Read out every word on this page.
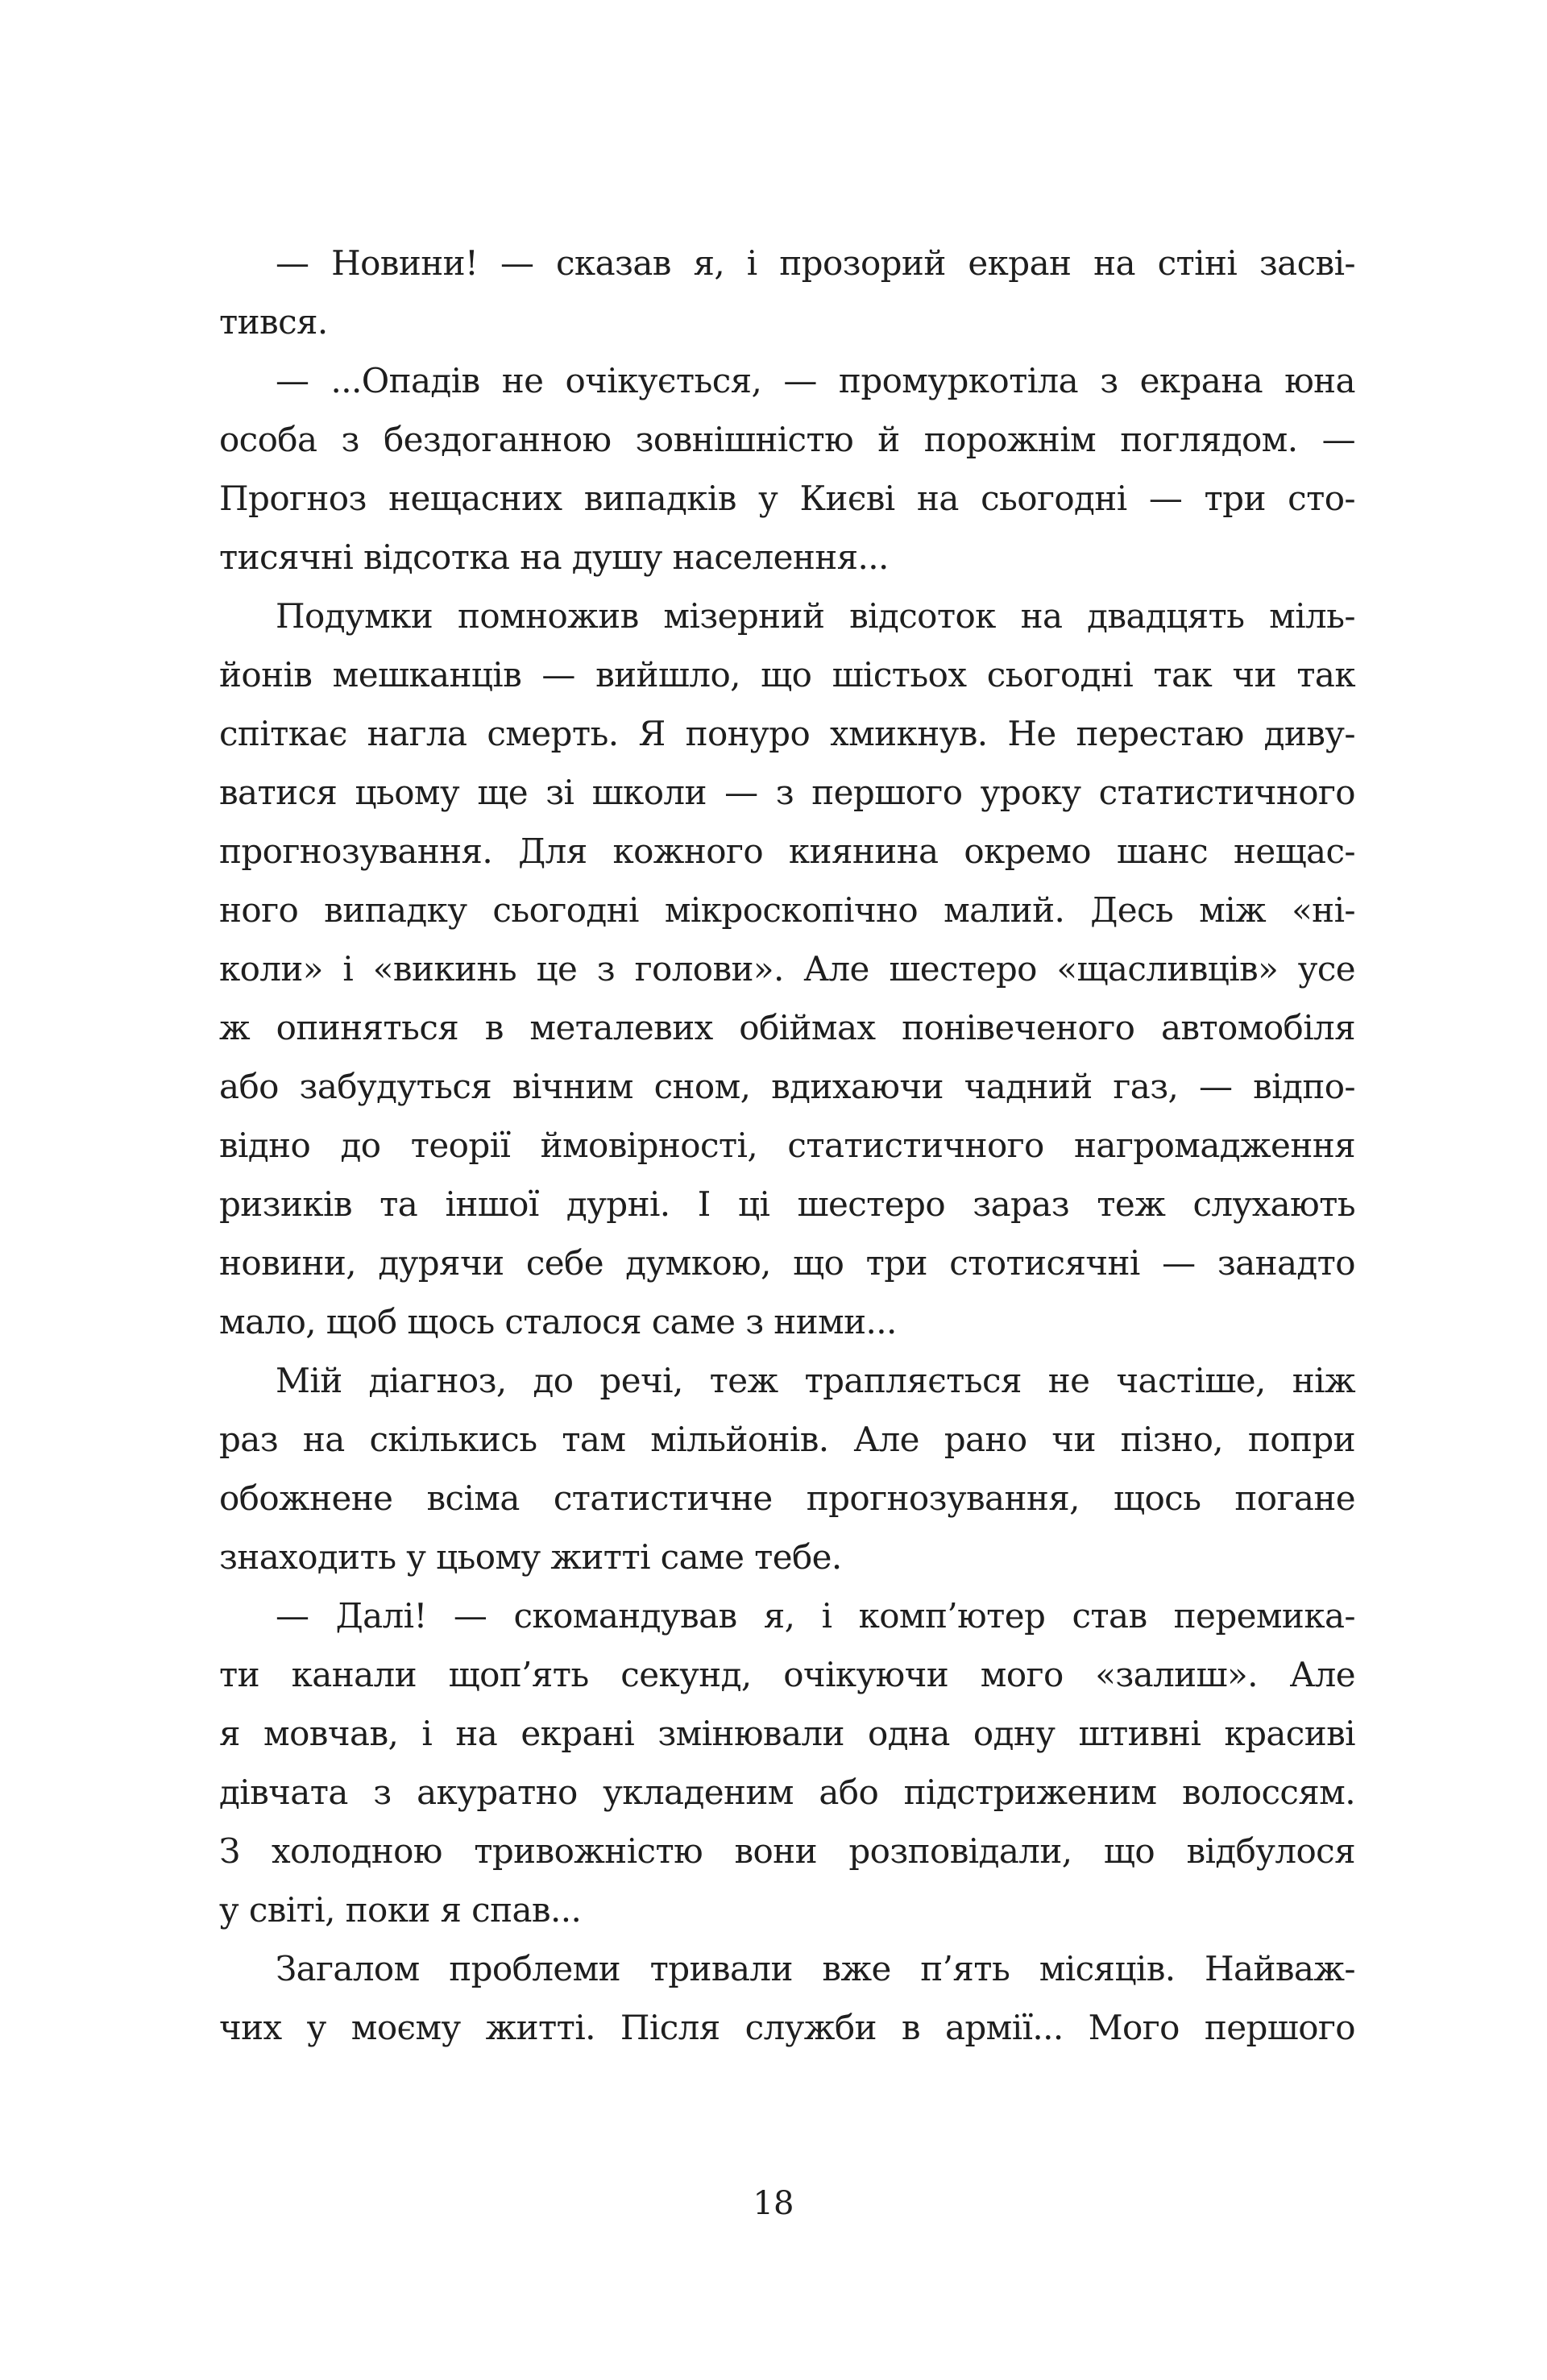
— Новини! — сказав я, і прозорий екран на стіні засві-
тився.
— ...Опадів не очікується, — промуркотіла з екрана юна
особа з бездоганною зовнішністю й порожнім поглядом. —
Прогноз нещасних випадків у Києві на сьогодні — три сто-
тисячні відсотка на душу населення...
Подумки помножив мізерний відсоток на двадцять міль-
йонів мешканців — вийшло, що шістьох сьогодні так чи так
спіткає нагла смерть. Я понуро хмикнув. Не перестаю диву-
ватися цьому ще зі школи — з першого уроку статистичного
прогнозування. Для кожного киянина окремо шанс нещас-
ного випадку сьогодні мікроскопічно малий. Десь між «ні-
коли» і «викинь це з голови». Але шестеро «щасливців» усе
ж опиняться в металевих обіймах понівеченого автомобіля
або забудуться вічним сном, вдихаючи чадний газ, — відпо-
відно до теорії ймовірності, статистичного нагромадження
ризиків та іншої дурні. І ці шестеро зараз теж слухають
новини, дурячи себе думкою, що три стотисячні — занадто
мало, щоб щось сталося саме з ними...
Мій діагноз, до речі, теж трапляється не частіше, ніж
раз на скількись там мільйонів. Але рано чи пізно, попри
обожнене всіма статистичне прогнозування, щось погане
знаходить у цьому житті саме тебе.
— Далі! — скомандував я, і комп’ютер став перемика-
ти канали щоп’ять секунд, очікуючи мого «залиш». Але
я мовчав, і на екрані змінювали одна одну штивні красиві
дівчата з акуратно укладеним або підстриженим волоссям.
З холодною тривожністю вони розповідали, що відбулося
у світі, поки я спав...
Загалом проблеми тривали вже п’ять місяців. Найваж-
чих у моєму житті. Після служби в армії... Мого першого
18
